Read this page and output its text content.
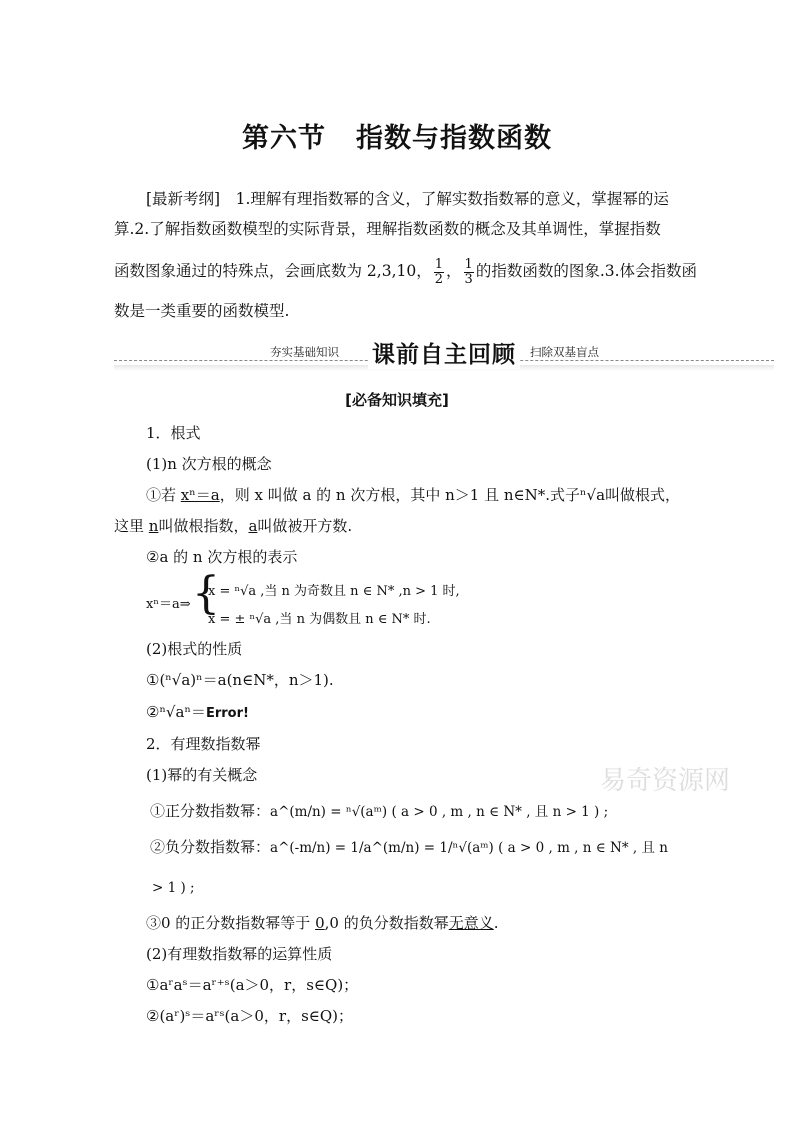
第六节 指数与指数函数
[最新考纲]　1.理解有理指数幂的含义，了解实数指数幂的意义，掌握幂的运
算.2.了解指数函数模型的实际背景，理解指数函数的概念及其单调性，掌握指数
函数图象通过的特殊点，会画底数为 2,3,10， $\frac{1}{2}$ ， $\frac{1}{3}$ 的指数函数的图象.3.体会指数函
数是一类重要的函数模型.
夯实基础知识 课前自主回顾	扫除双基盲点
[必备知识填充]
1．根式
(1)n 次方根的概念
①若 xⁿ＝a，则 x 叫做 a 的 n 次方根，其中 n＞1 且 n∈N*.式子ⁿ√a叫做根式，
这里 n叫做根指数，a叫做被开方数.
②a 的 n 次方根的表示
xⁿ＝a⇒ {
x = ⁿ√a ,当 n 为奇数且 n ∈ N* ,n > 1 时,
x = ± ⁿ√a ,当 n 为偶数且 n ∈ N* 时.
(2)根式的性质
①(ⁿ√a)ⁿ＝a(n∈N*，n＞1).
②ⁿ√aⁿ＝Error!
2．有理数指数幂
(1)幂的有关概念	易奇资源网
①正分数指数幂：a^(m/n) = ⁿ√(aᵐ) ( a > 0 , m , n ∈ N* , 且 n > 1 ) ;
②负分数指数幂：a^(-m/n) = 1/a^(m/n) = 1/ⁿ√(aᵐ) ( a > 0 , m , n ∈ N* , 且 n
> 1 ) ;
③0 的正分数指数幂等于 0,0 的负分数指数幂无意义.
(2)有理数指数幂的运算性质
①aʳaˢ＝aʳ⁺ˢ(a＞0，r，s∈Q)；
②(aʳ)ˢ＝aʳˢ(a＞0，r，s∈Q)；
